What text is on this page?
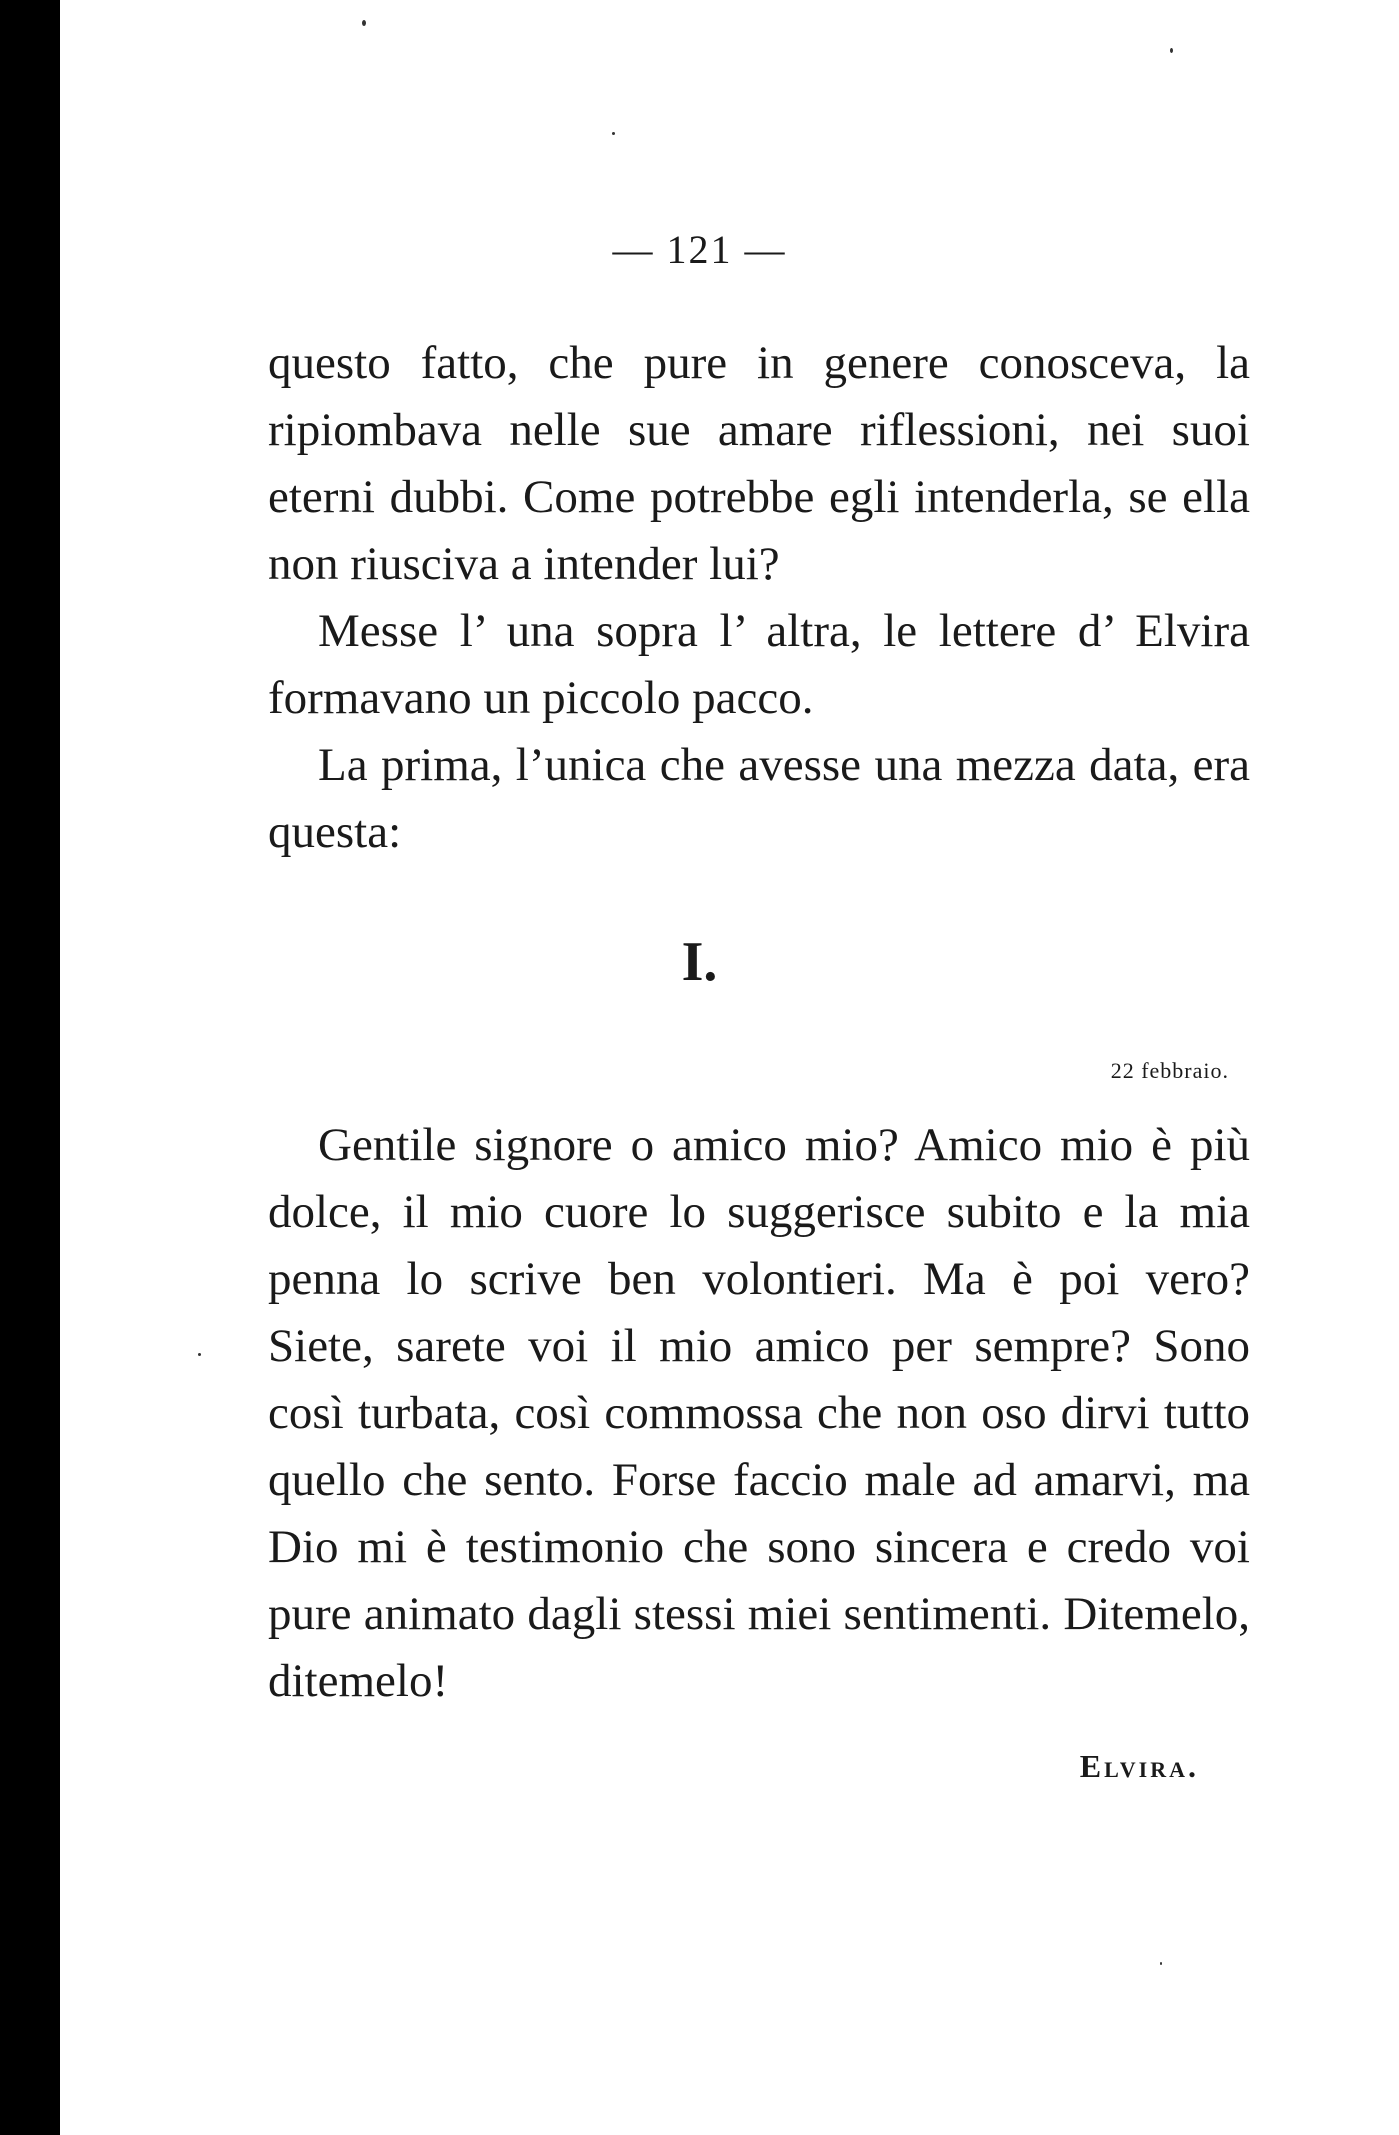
— 121 —

questo fatto, che pure in genere conosceva, la ripiombava nelle sue amare riflessioni, nei suoi eterni dubbi. Come potrebbe egli intenderla, se ella non riusciva a intender lui?

Messe l’ una sopra l’ altra, le lettere d’ Elvira formavano un piccolo pacco.

La prima, l’unica che avesse una mezza data, era questa:

I.
22 febbraio.

Gentile signore o amico mio? Amico mio è più dolce, il mio cuore lo suggerisce subito e la mia penna lo scrive ben volontieri. Ma è poi vero? Siete, sarete voi il mio amico per sempre? Sono così turbata, così commossa che non oso dirvi tutto quello che sento. Forse faccio male ad amarvi, ma Dio mi è testimonio che sono sincera e credo voi pure animato dagli stessi miei sentimenti. Ditemelo, ditemelo!

Elvira.
